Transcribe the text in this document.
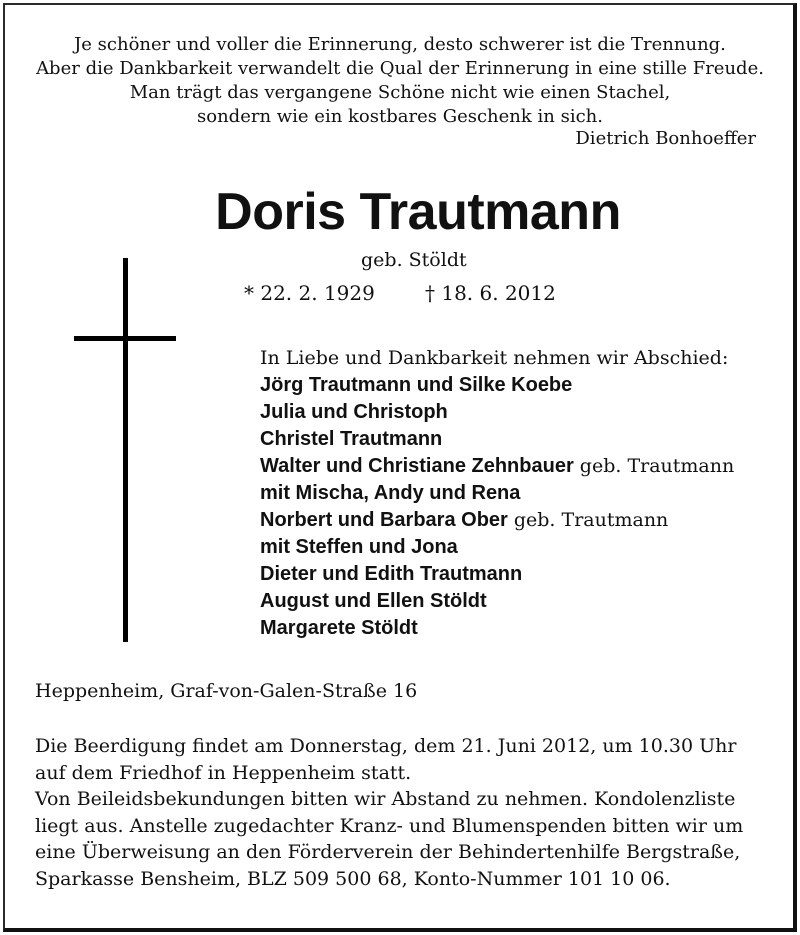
Je schöner und voller die Erinnerung, desto schwerer ist die Trennung.
Aber die Dankbarkeit verwandelt die Qual der Erinnerung in eine stille Freude.
Man trägt das vergangene Schöne nicht wie einen Stachel,
sondern wie ein kostbares Geschenk in sich.
Dietrich Bonhoeffer
Doris Trautmann
geb. Stöldt
* 22. 2. 1929	† 18. 6. 2012
In Liebe und Dankbarkeit nehmen wir Abschied:
Jörg Trautmann und Silke Koebe
Julia und Christoph
Christel Trautmann
Walter und Christiane Zehnbauer geb. Trautmann
mit Mischa, Andy und Rena
Norbert und Barbara Ober geb. Trautmann
mit Steffen und Jona
Dieter und Edith Trautmann
August und Ellen Stöldt
Margarete Stöldt
Heppenheim, Graf-von-Galen-Straße 16
Die Beerdigung findet am Donnerstag, dem 21. Juni 2012, um 10.30 Uhr
auf dem Friedhof in Heppenheim statt.
Von Beileidsbekundungen bitten wir Abstand zu nehmen. Kondolenzliste
liegt aus. Anstelle zugedachter Kranz- und Blumenspenden bitten wir um
eine Überweisung an den Förderverein der Behindertenhilfe Bergstraße,
Sparkasse Bensheim, BLZ 509 500 68, Konto-Nummer 101 10 06.
